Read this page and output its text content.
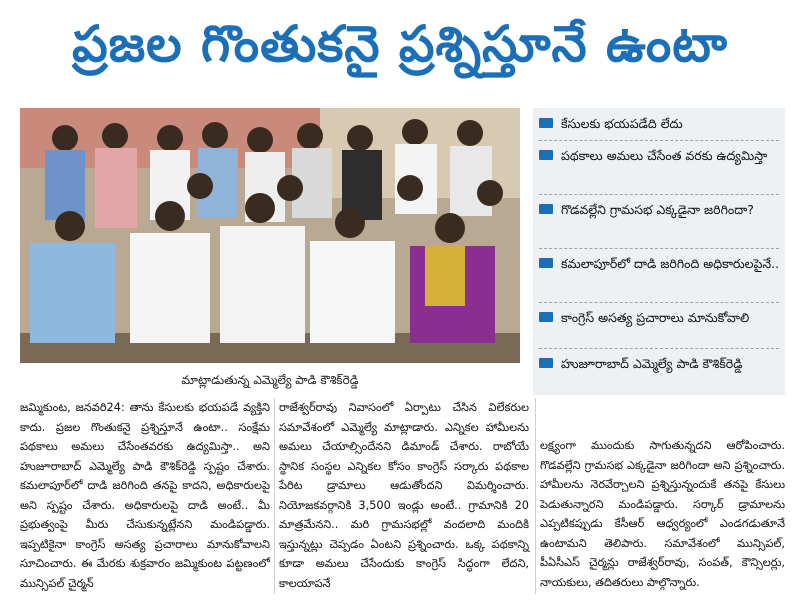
ప్రజల గొంతుకనై ప్రశ్నిస్తూనే ఉంటా
మాట్లాడుతున్న ఎమ్మెల్యే పాడి కౌశిక్‌రెడ్డి
కేసులకు భయపడేది లేదు
పథకాలు అమలు చేసేంత వరకు ఉద్యమిస్తా
గొడవల్లేని గ్రామసభ ఎక్కడైనా జరిగిందా?
కమలాపూర్‌లో దాడి జరిగింది అధికారులపైనే..
కాంగ్రెస్ అసత్య ప్రచారాలు మానుకోవాలి
హుజూరాబాద్ ఎమ్మెల్యే పాడి కౌశిక్‌రెడ్డి
జమ్మికుంట, జనవరి24: తాను కేసులకు భయపడే వ్యక్తిని కాదు. ప్రజల గొంతుకనై ప్రశ్నిస్తూనే ఉంటా.. సంక్షేమ పథకాలు అమలు చేసేంతవరకు ఉద్యమిస్తా.. అని హుజూరాబాద్ ఎమ్మెల్యే పాడి కౌశిక్‌రెడ్డి స్పష్టం చేశారు. కమలాపూర్‌లో దాడి జరిగింది తనపై కాదని, అధికారులపై అని స్పష్టం చేశారు. అధికారులపై దాడి అంటే.. మీ ప్రభుత్వంపై మీరు చేసుకున్నట్లేనని మండిపడ్డారు. ఇప్పటికైనా కాంగ్రెస్ అసత్య ప్రచారాలు మానుకోవాలని సూచించారు. ఈ మేరకు శుక్రవారం జమ్మికుంట పట్టణంలో మున్సిపల్ చైర్మన్
రాజేశ్వర్‌రావు నివాసంలో ఏర్పాటు చేసిన విలేకరుల సమావేశంలో ఎమ్మెల్యే మాట్లాడారు. ఎన్నికల హామీలను అమలు చేయాల్సిందేనని డిమాండ్ చేశారు. రాబోయే స్థానిక సంస్థల ఎన్నికల కోసం కాంగ్రెస్ సర్కారు పథకాల పేరిట డ్రామాలు ఆడుతోందని విమర్శించారు. నియోజకవర్గానికి 3,500 ఇండ్లు అంటే.. గ్రామానికి 20 మాత్రమేనని.. మరి గ్రామసభల్లో వందలాది మందికి ఇస్తున్నట్లు చెప్పడం ఏంటని ప్రశ్నించారు. ఒక్క పథకాన్ని కూడా అమలు చేసేందుకు కాంగ్రెస్ సిద్ధంగా లేదని, కాలయాపనే
లక్ష్యంగా ముందుకు సాగుతున్నదని ఆరోపించారు. గొడవల్లేని గ్రామసభ ఎక్కడైనా జరిగిందా అని ప్రశ్నించారు. హామీలను నెరవేర్చాలని ప్రశ్నిస్తున్నందుకే తనపై కేసులు పెడుతున్నారని మండిపడ్డారు. సర్కార్ డ్రామాలను ఎప్పటికప్పుడు కేసీఆర్ ఆధ్వర్యంలో ఎండగడుతూనే ఉంటామని తెలిపారు. సమావేశంలో మున్సిపల్, పీఏసీఎస్ చైర్మన్లు రాజేశ్వర్‌రావు, సంపత్, కౌన్సిలర్లు, నాయకులు, తదితరులు పాల్గొన్నారు.
